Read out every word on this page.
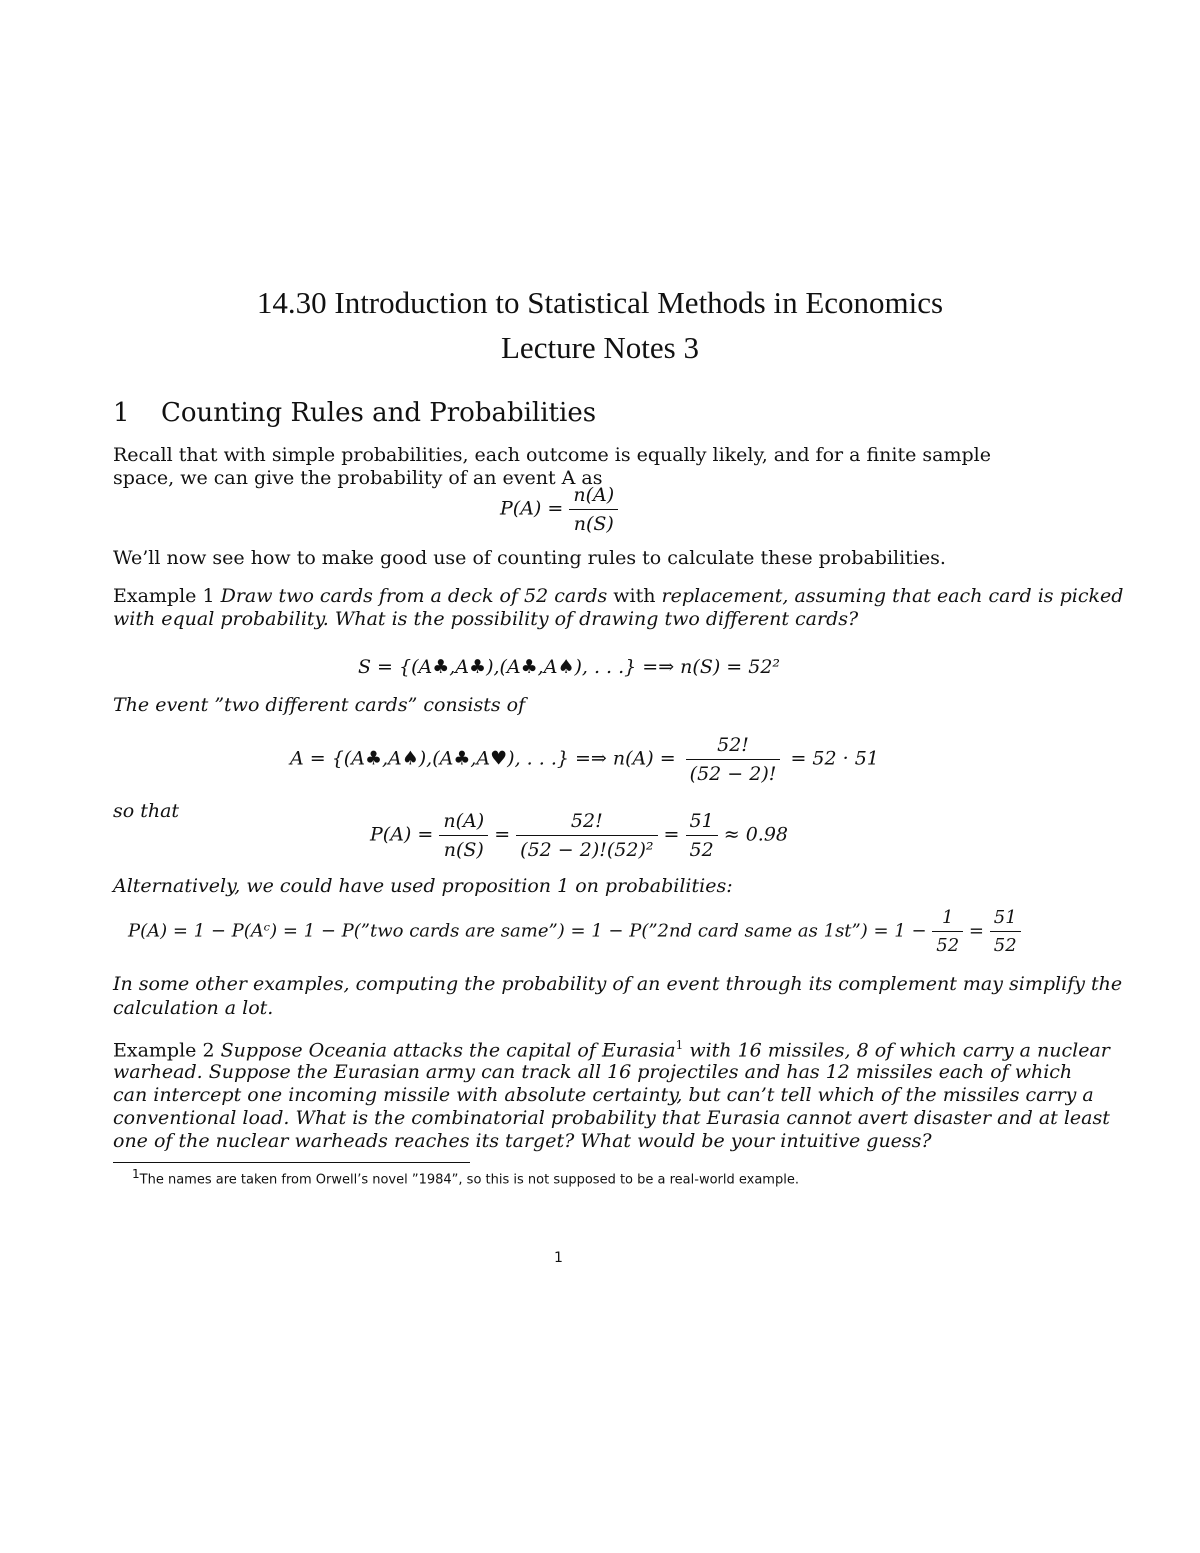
14.30 Introduction to Statistical Methods in Economics
Lecture Notes 3
1 Counting Rules and Probabilities
Recall that with simple probabilities, each outcome is equally likely, and for a finite sample space, we can give the probability of an event A as
$P(A) = \frac{n(A)}{n(S)}$
We’ll now see how to make good use of counting rules to calculate these probabilities.
Example 1 Draw two cards from a deck of 52 cards with replacement, assuming that each card is picked
with equal probability. What is the possibility of drawing two different cards?
S = {(A♣,A♣),(A♣,A♠), . . .} =⇒ n(S) = 52²
The event ”two different cards” consists of
A = {(A♣,A♠),(A♣,A♥), . . .} =⇒ $n(A) = \frac{52!}{(52 - 2)!} = 52 \cdot 51$
so that
$P(A) = \frac{n(A)}{n(S)} = \frac{52!}{\text{(52 − 2)!(52)²}} = \frac{51}{52} \approx 0.98$
Alternatively, we could have used proposition 1 on probabilities:
P(A) = 1 − P(Aᶜ) = 1 − P(”two cards are same”) = 1 − P(”2nd card same as 1st”) = $1 - \frac{1}{52} = \frac{51}{52}$
In some other examples, computing the probability of an event through its complement may simplify the
calculation a lot.
Example 2 Suppose Oceania attacks the capital of Eurasia$^1$ with 16 missiles, 8 of which carry a nuclear
warhead. Suppose the Eurasian army can track all 16 projectiles and has 12 missiles each of which
can intercept one incoming missile with absolute certainty, but can’t tell which of the missiles carry a
conventional load. What is the combinatorial probability that Eurasia cannot avert disaster and at least
one of the nuclear warheads reaches its target? What would be your intuitive guess?
$^1$The names are taken from Orwell’s novel ”1984”, so this is not supposed to be a real-world example.
1
